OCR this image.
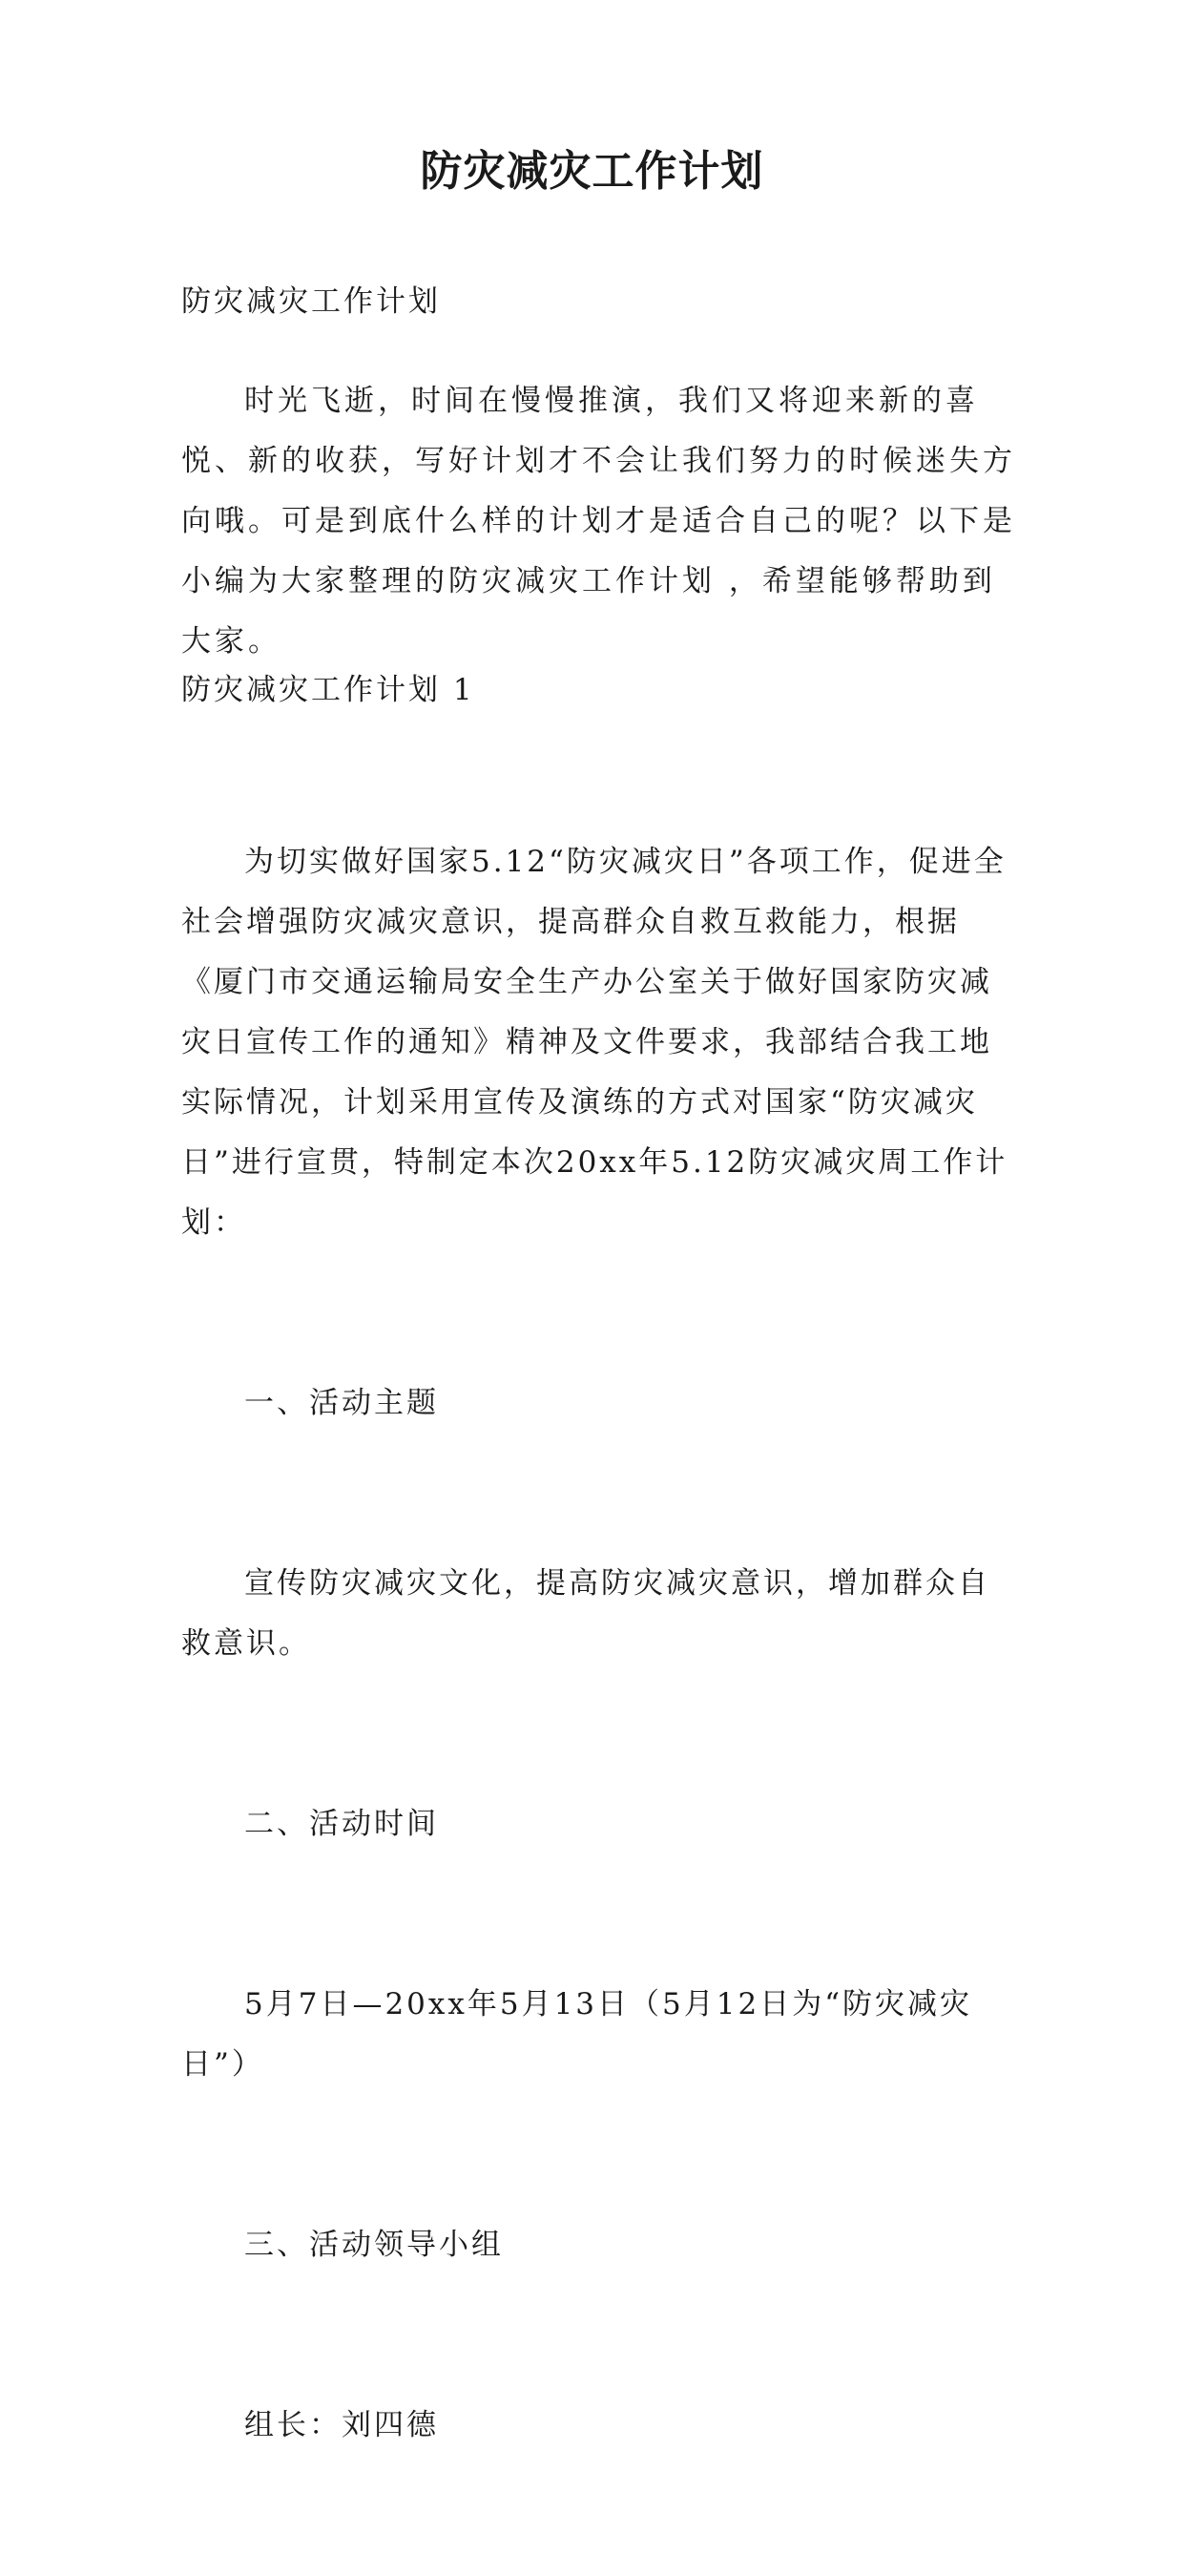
防灾减灾工作计划

防灾减灾工作计划

时光飞逝，时间在慢慢推演，我们又将迎来新的喜悦、新的收获，写好计划才不会让我们努力的时候迷失方向哦。可是到底什么样的计划才是适合自己的呢？以下是小编为大家整理的防灾减灾工作计划 ，希望能够帮助到大家。

防灾减灾工作计划 1

为切实做好国家5.12“防灾减灾日”各项工作，促进全社会增强防灾减灾意识，提高群众自救互救能力，根据《厦门市交通运输局安全生产办公室关于做好国家防灾减灾日宣传工作的通知》精神及文件要求，我部结合我工地实际情况，计划采用宣传及演练的方式对国家“防灾减灾日”进行宣贯，特制定本次20xx年5.12防灾减灾周工作计划：

一、活动主题

宣传防灾减灾文化，提高防灾减灾意识，增加群众自救意识。

二、活动时间

5月7日—20xx年5月13日（5月12日为“防灾减灾日”）

三、活动领导小组

组长：刘四德
